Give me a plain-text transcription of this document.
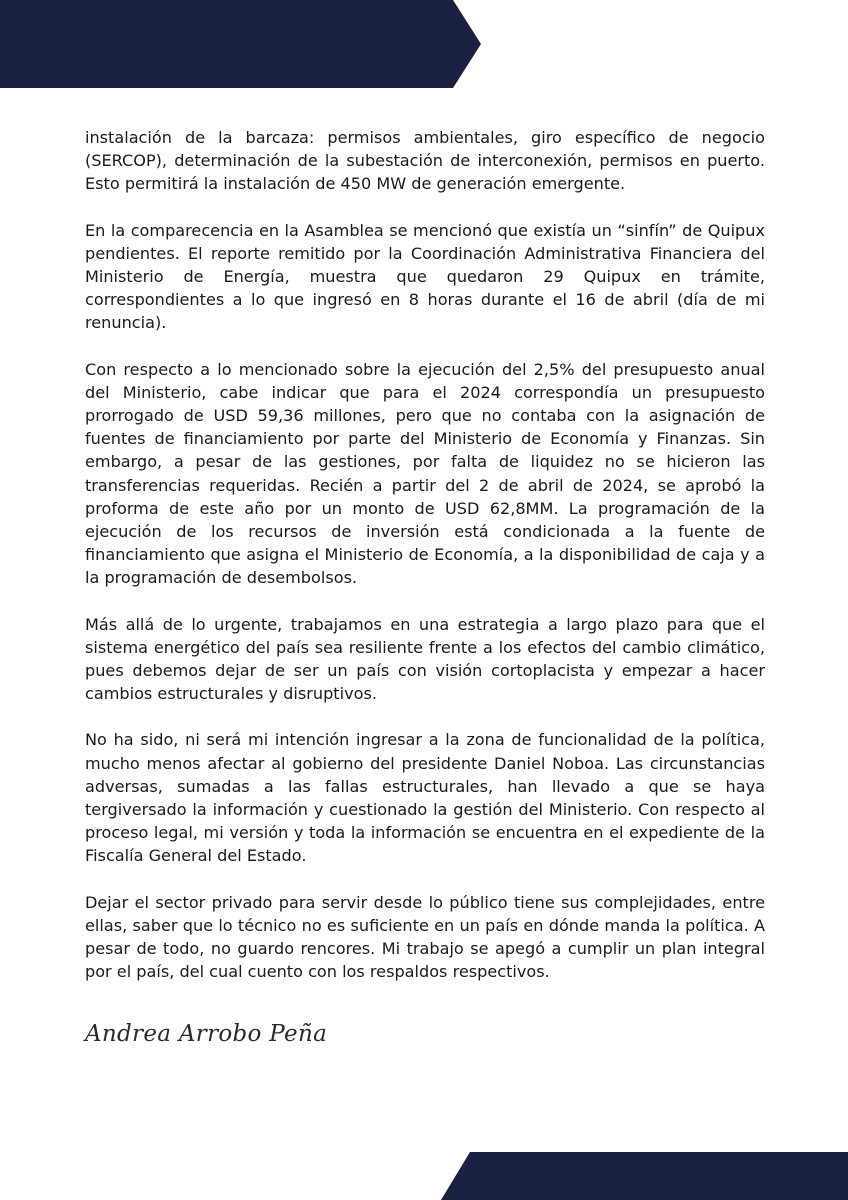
instalación de la barcaza: permisos ambientales, giro específico de negocio (SERCOP), determinación de la subestación de interconexión, permisos en puerto. Esto permitirá la instalación de 450 MW de generación emergente.

En la comparecencia en la Asamblea se mencionó que existía un “sinfín” de Quipux pendientes. El reporte remitido por la Coordinación Administrativa Financiera del Ministerio de Energía, muestra que quedaron 29 Quipux en trámite, correspondientes a lo que ingresó en 8 horas durante el 16 de abril (día de mi renuncia).

Con respecto a lo mencionado sobre la ejecución del 2,5% del presupuesto anual del Ministerio, cabe indicar que para el 2024 correspondía un presupuesto prorrogado de USD 59,36 millones, pero que no contaba con la asignación de fuentes de financiamiento por parte del Ministerio de Economía y Finanzas. Sin embargo, a pesar de las gestiones, por falta de liquidez no se hicieron las transferencias requeridas. Recién a partir del 2 de abril de 2024, se aprobó la proforma de este año por un monto de USD 62,8MM. La programación de la ejecución de los recursos de inversión está condicionada a la fuente de financiamiento que asigna el Ministerio de Economía, a la disponibilidad de caja y a la programación de desembolsos.

Más allá de lo urgente, trabajamos en una estrategia a largo plazo para que el sistema energético del país sea resiliente frente a los efectos del cambio climático, pues debemos dejar de ser un país con visión cortoplacista y empezar a hacer cambios estructurales y disruptivos.

No ha sido, ni será mi intención ingresar a la zona de funcionalidad de la política, mucho menos afectar al gobierno del presidente Daniel Noboa. Las circunstancias adversas, sumadas a las fallas estructurales, han llevado a que se haya tergiversado la información y cuestionado la gestión del Ministerio. Con respecto al proceso legal, mi versión y toda la información se encuentra en el expediente de la Fiscalía General del Estado.

Dejar el sector privado para servir desde lo público tiene sus complejidades, entre ellas, saber que lo técnico no es suficiente en un país en dónde manda la política. A pesar de todo, no guardo rencores. Mi trabajo se apegó a cumplir un plan integral por el país, del cual cuento con los respaldos respectivos.

Andrea Arrobo Peña
